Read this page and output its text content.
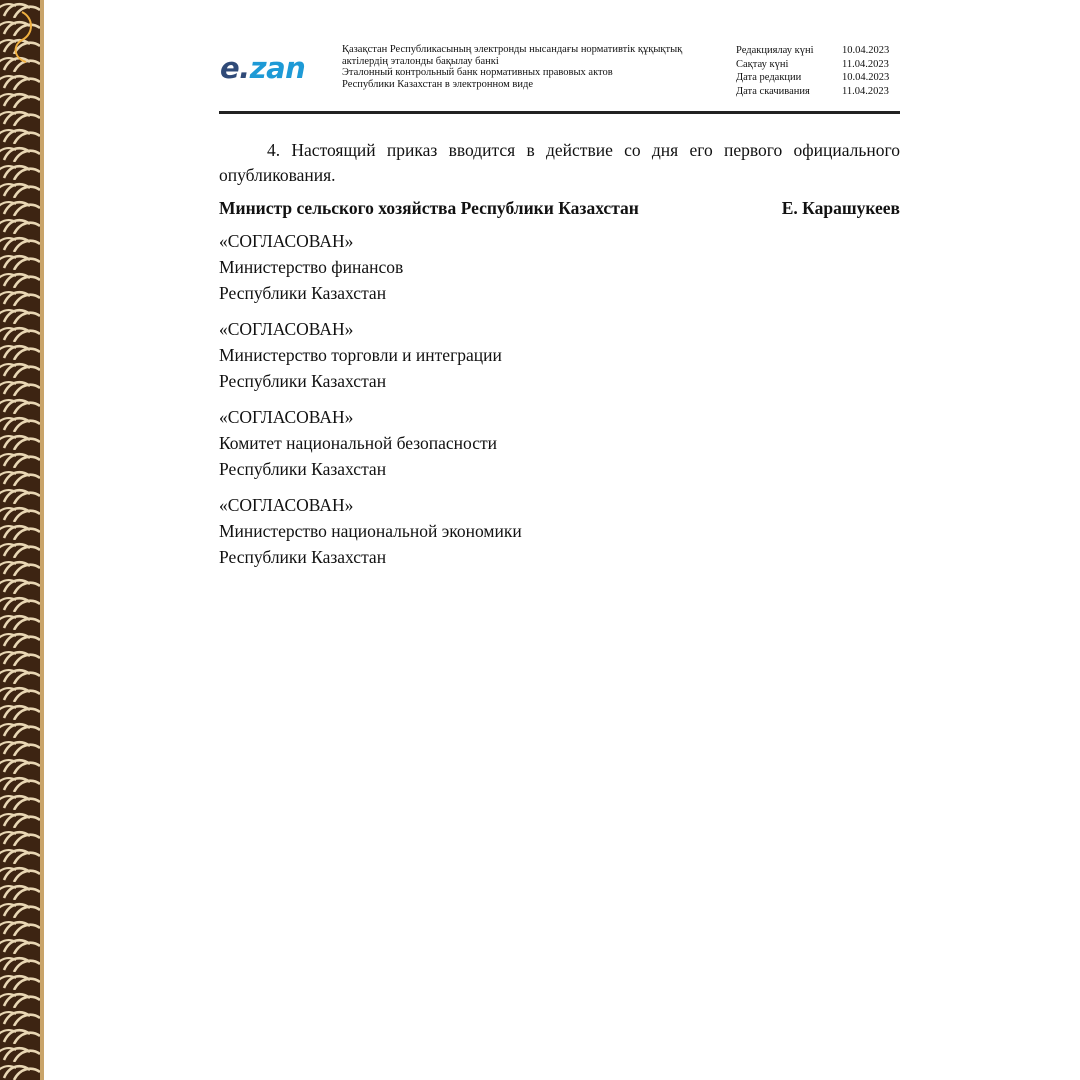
e . zan
Қазақстан Республикасының электронды нысандағы нормативтік құқықтық
актілердің эталонды бақылау банкі
Эталонный контрольный банк нормативных правовых актов
Республики Казахстан в электронном виде
Редакциялау күні	10.04.2023
Сақтау күні	11.04.2023
Дата редакции	10.04.2023
Дата скачивания	11.04.2023

4. Настоящий приказ вводится в действие со дня его первого официального опубликования.

Министр сельского хозяйства Республики Казахстан	Е. Карашукеев
«СОГЛАСОВАН»
Министерство финансов
Республики Казахстан
«СОГЛАСОВАН»
Министерство торговли и интеграции
Республики Казахстан
«СОГЛАСОВАН»
Комитет национальной безопасности
Республики Казахстан
«СОГЛАСОВАН»
Министерство национальной экономики
Республики Казахстан
